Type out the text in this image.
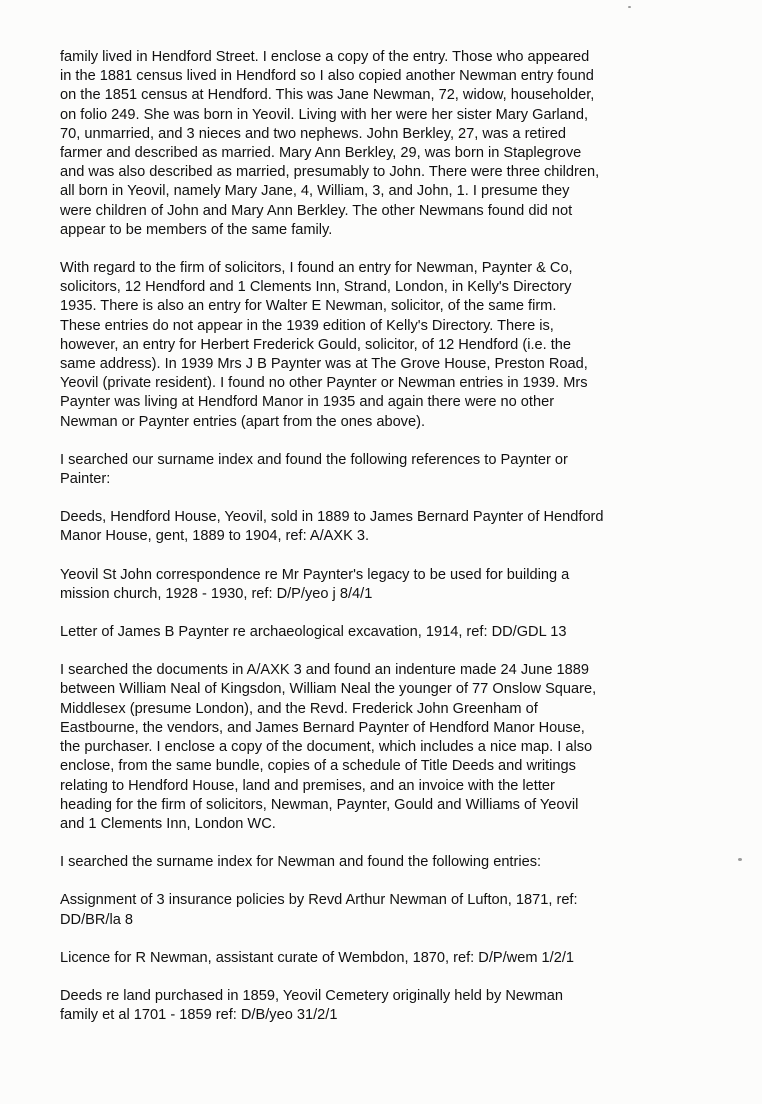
family lived in Hendford Street. I enclose a copy of the entry. Those who appeared
in the 1881 census lived in Hendford so I also copied another Newman entry found
on the 1851 census at Hendford. This was Jane Newman, 72, widow, householder,
on folio 249. She was born in Yeovil. Living with her were her sister Mary Garland,
70, unmarried, and 3 nieces and two nephews. John Berkley, 27, was a retired
farmer and described as married. Mary Ann Berkley, 29, was born in Staplegrove
and was also described as married, presumably to John. There were three children,
all born in Yeovil, namely Mary Jane, 4, William, 3, and John, 1. I presume they
were children of John and Mary Ann Berkley. The other Newmans found did not
appear to be members of the same family.

With regard to the firm of solicitors, I found an entry for Newman, Paynter & Co,
solicitors, 12 Hendford and 1 Clements Inn, Strand, London, in Kelly's Directory
1935. There is also an entry for Walter E Newman, solicitor, of the same firm.
These entries do not appear in the 1939 edition of Kelly's Directory. There is,
however, an entry for Herbert Frederick Gould, solicitor, of 12 Hendford (i.e. the
same address). In 1939 Mrs J B Paynter was at The Grove House, Preston Road,
Yeovil (private resident). I found no other Paynter or Newman entries in 1939. Mrs
Paynter was living at Hendford Manor in 1935 and again there were no other
Newman or Paynter entries (apart from the ones above).

I searched our surname index and found the following references to Paynter or
Painter:

Deeds, Hendford House, Yeovil, sold in 1889 to James Bernard Paynter of Hendford
Manor House, gent, 1889 to 1904, ref: A/AXK 3.

Yeovil St John correspondence re Mr Paynter's legacy to be used for building a
mission church, 1928 - 1930, ref: D/P/yeo j 8/4/1

Letter of James B Paynter re archaeological excavation, 1914, ref: DD/GDL 13

I searched the documents in A/AXK 3 and found an indenture made 24 June 1889
between William Neal of Kingsdon, William Neal the younger of 77 Onslow Square,
Middlesex (presume London), and the Revd. Frederick John Greenham of
Eastbourne, the vendors, and James Bernard Paynter of Hendford Manor House,
the purchaser. I enclose a copy of the document, which includes a nice map. I also
enclose, from the same bundle, copies of a schedule of Title Deeds and writings
relating to Hendford House, land and premises, and an invoice with the letter
heading for the firm of solicitors, Newman, Paynter, Gould and Williams of Yeovil
and 1 Clements Inn, London WC.

I searched the surname index for Newman and found the following entries:

Assignment of 3 insurance policies by Revd Arthur Newman of Lufton, 1871, ref:
DD/BR/la 8

Licence for R Newman, assistant curate of Wembdon, 1870, ref: D/P/wem 1/2/1

Deeds re land purchased in 1859, Yeovil Cemetery originally held by Newman
family et al 1701 - 1859 ref: D/B/yeo 31/2/1
